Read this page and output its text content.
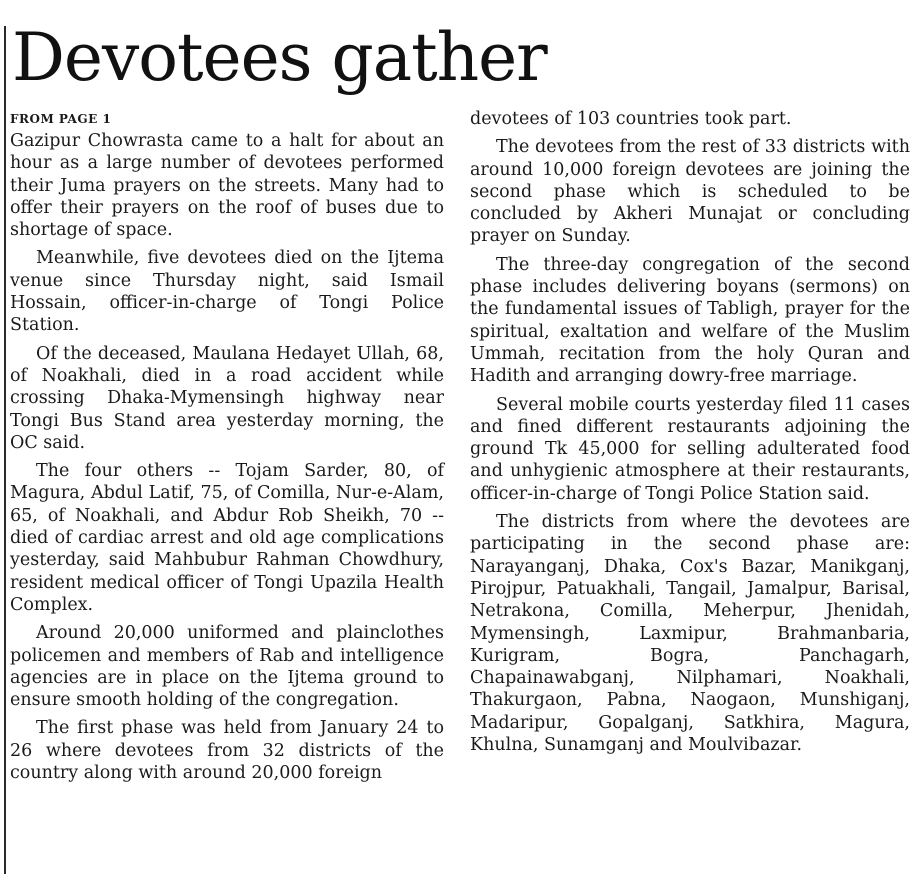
Devotees gather
FROM PAGE 1

Gazipur Chowrasta came to a halt for about an hour as a large number of devotees performed their Juma prayers on the streets. Many had to offer their prayers on the roof of buses due to shortage of space.

Meanwhile, five devotees died on the Ijtema venue since Thursday night, said Ismail Hossain, officer-in-charge of Tongi Police Station.

Of the deceased, Maulana Hedayet Ullah, 68, of Noakhali, died in a road accident while crossing Dhaka-Mymensingh highway near Tongi Bus Stand area yesterday morning, the OC said.

The four others -- Tojam Sarder, 80, of Magura, Abdul Latif, 75, of Comilla, Nur-e-Alam, 65, of Noakhali, and Abdur Rob Sheikh, 70 -- died of cardiac arrest and old age complications yesterday, said Mahbubur Rahman Chowdhury, resident medical officer of Tongi Upazila Health Complex.

Around 20,000 uniformed and plainclothes policemen and members of Rab and intelligence agencies are in place on the Ijtema ground to ensure smooth holding of the congregation.

The first phase was held from January 24 to 26 where devotees from 32 districts of the country along with around 20,000 foreign

devotees of 103 countries took part.

The devotees from the rest of 33 districts with around 10,000 foreign devotees are joining the second phase which is scheduled to be concluded by Akheri Munajat or concluding prayer on Sunday.

The three-day congregation of the second phase includes delivering boyans (sermons) on the fundamental issues of Tabligh, prayer for the spiritual, exaltation and welfare of the Muslim Ummah, recitation from the holy Quran and Hadith and arranging dowry-free marriage.

Several mobile courts yesterday filed 11 cases and fined different restaurants adjoining the ground Tk 45,000 for selling adulterated food and unhygienic atmosphere at their restaurants, officer-in-charge of Tongi Police Station said.

The districts from where the devotees are participating in the second phase are: Narayanganj, Dhaka, Cox's Bazar, Manikganj, Pirojpur, Patuakhali, Tangail, Jamalpur, Barisal, Netrakona, Comilla, Meherpur, Jhenidah, Mymensingh, Laxmipur, Brahmanbaria, Kurigram, Bogra, Panchagarh, Chapainawabganj, Nilphamari, Noakhali, Thakurgaon, Pabna, Naogaon, Munshiganj, Madaripur, Gopalganj, Satkhira, Magura, Khulna, Sunamganj and Moulvibazar.
